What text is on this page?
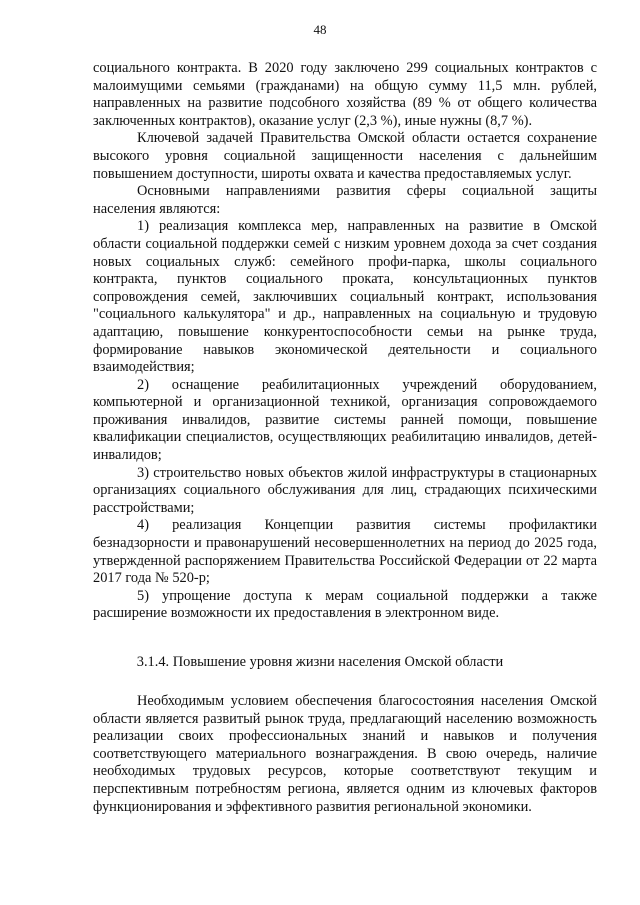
48

социального контракта. В 2020 году заключено 299 социальных контрактов с малоимущими семьями (гражданами) на общую сумму 11,5 млн. рублей, направленных на развитие подсобного хозяйства (89 % от общего количества заключенных контрактов), оказание услуг (2,3 %), иные нужны (8,7 %).

Ключевой задачей Правительства Омской области остается сохранение высокого уровня социальной защищенности населения с дальнейшим повышением доступности, широты охвата и качества предоставляемых услуг.

Основными направлениями развития сферы социальной защиты населения являются:

1) реализация комплекса мер, направленных на развитие в Омской области социальной поддержки семей с низким уровнем дохода за счет создания новых социальных служб: семейного профи-парка, школы социального контракта, пунктов социального проката, консультационных пунктов сопровождения семей, заключивших социальный контракт, использования "социального калькулятора" и др., направленных на социальную и трудовую адаптацию, повышение конкурентоспособности семьи на рынке труда, формирование навыков экономической деятельности и социального взаимодействия;

2) оснащение реабилитационных учреждений оборудованием, компьютерной и организационной техникой, организация сопровождаемого проживания инвалидов, развитие системы ранней помощи, повышение квалификации специалистов, осуществляющих реабилитацию инвалидов, детей-инвалидов;

3) строительство новых объектов жилой инфраструктуры в стационарных организациях социального обслуживания для лиц, страдающих психическими расстройствами;

4) реализация Концепции развития системы профилактики безнадзорности и правонарушений несовершеннолетних на период до 2025 года, утвержденной распоряжением Правительства Российской Федерации от 22 марта 2017 года № 520-р;

5) упрощение доступа к мерам социальной поддержки а также расширение возможности их предоставления в электронном виде.

3.1.4. Повышение уровня жизни населения Омской области

Необходимым условием обеспечения благосостояния населения Омской области является развитый рынок труда, предлагающий населению возможность реализации своих профессиональных знаний и навыков и получения соответствующего материального вознаграждения. В свою очередь, наличие необходимых трудовых ресурсов, которые соответствуют текущим и перспективным потребностям региона, является одним из ключевых факторов функционирования и эффективного развития региональной экономики.
